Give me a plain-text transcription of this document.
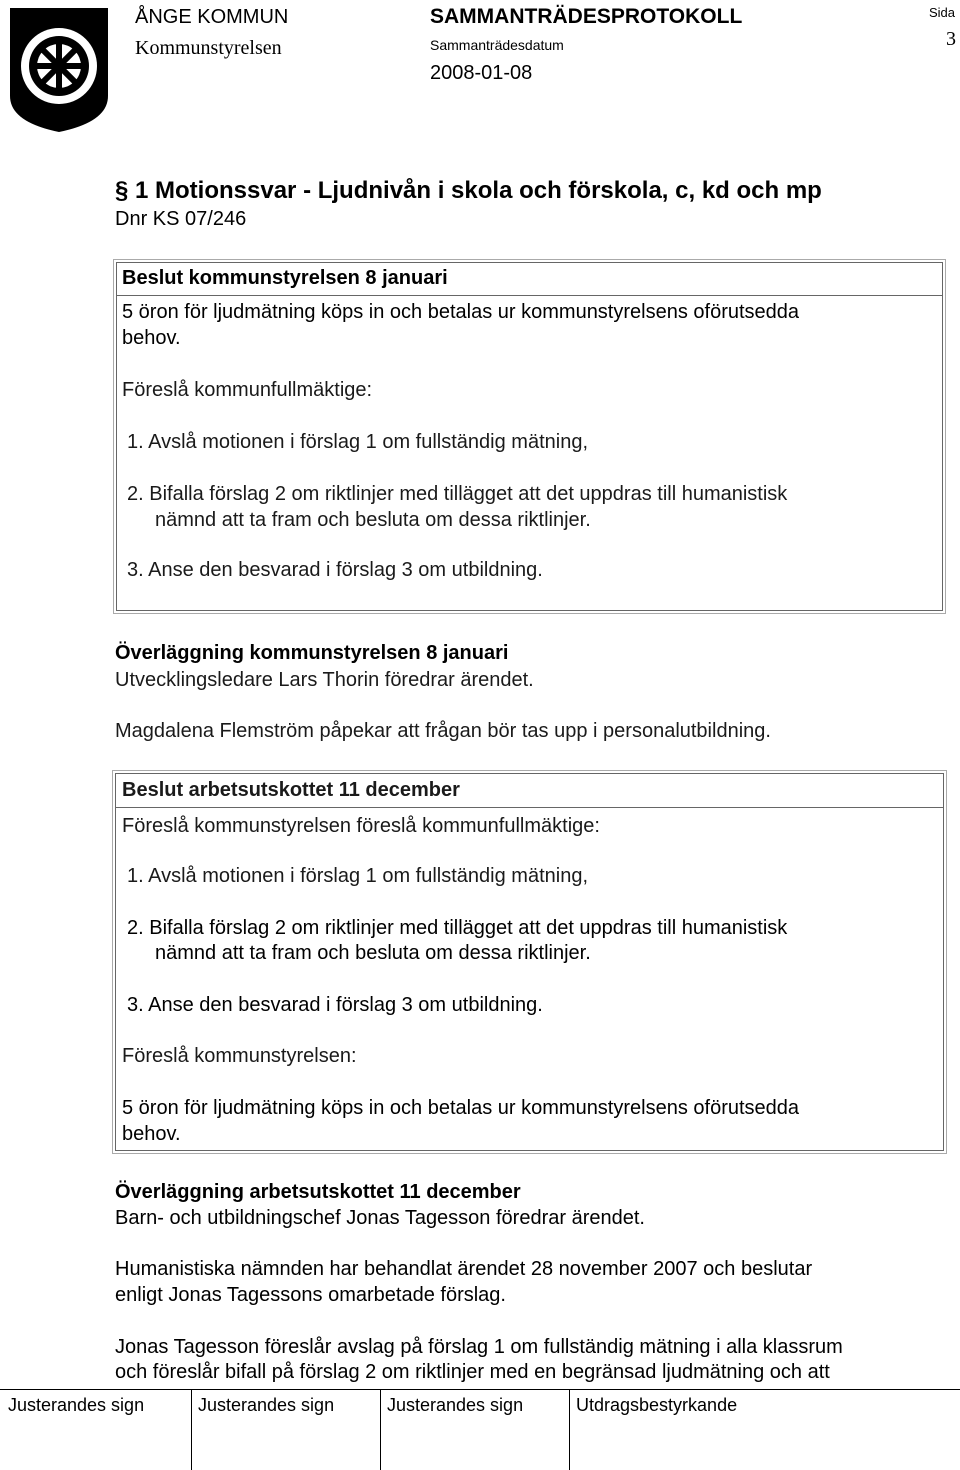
ÅNGE KOMMUN
Kommunstyrelsen
SAMMANTRÄDESPROTOKOLL
Sammanträdesdatum
2008-01-08
Sida
3
§ 1 Motionssvar - Ljudnivån i skola och förskola, c, kd och mp
Dnr KS 07/246
Beslut kommunstyrelsen 8 januari
5 öron för ljudmätning köps in och betalas ur kommunstyrelsens oförutsedda
behov.
Föreslå kommunfullmäktige:
1. Avslå motionen i förslag 1 om fullständig mätning,
2. Bifalla förslag 2 om riktlinjer med tillägget att det uppdras till humanistisk
nämnd att ta fram och besluta om dessa riktlinjer.
3. Anse den besvarad i förslag 3 om utbildning.
Överläggning kommunstyrelsen 8 januari
Utvecklingsledare Lars Thorin föredrar ärendet.
Magdalena Flemström påpekar att frågan bör tas upp i personalutbildning.
Beslut arbetsutskottet 11 december
Föreslå kommunstyrelsen föreslå kommunfullmäktige:
1. Avslå motionen i förslag 1 om fullständig mätning,
2. Bifalla förslag 2 om riktlinjer med tillägget att det uppdras till humanistisk
nämnd att ta fram och besluta om dessa riktlinjer.
3. Anse den besvarad i förslag 3 om utbildning.
Föreslå kommunstyrelsen:
5 öron för ljudmätning köps in och betalas ur kommunstyrelsens oförutsedda
behov.
Överläggning arbetsutskottet 11 december
Barn- och utbildningschef Jonas Tagesson föredrar ärendet.
Humanistiska nämnden har behandlat ärendet 28 november 2007 och beslutar
enligt Jonas Tagessons omarbetade förslag.
Jonas Tagesson föreslår avslag på förslag 1 om fullständig mätning i alla klassrum
och föreslår bifall på förslag 2 om riktlinjer med en begränsad ljudmätning och att
Justerandes sign	Justerandes sign	Justerandes sign	Utdragsbestyrkande
